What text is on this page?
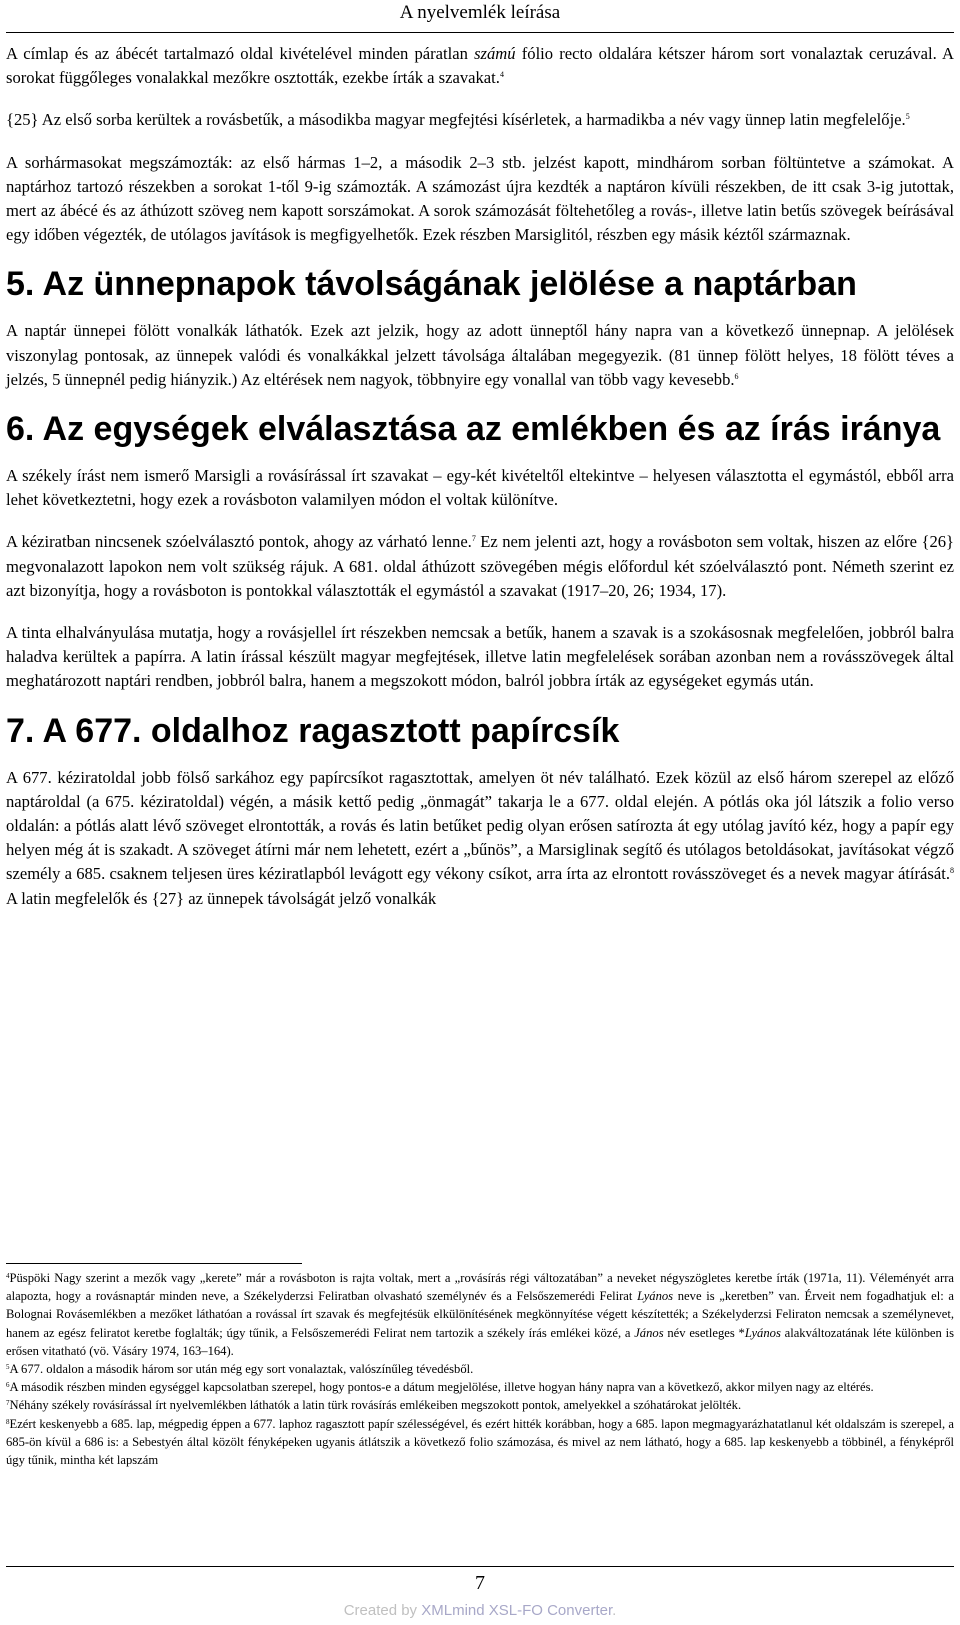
A nyelvemlék leírása

A címlap és az ábécét tartalmazó oldal kivételével minden páratlan számú fólio recto oldalára kétszer három sort vonalaztak ceruzával. A sorokat függőleges vonalakkal mezőkre osztották, ezekbe írták a szavakat.$^4$

{25} Az első sorba kerültek a rovásbetűk, a másodikba magyar megfejtési kísérletek, a harmadikba a név vagy ünnep latin megfelelője.$^5$

A sorhármasokat megszámozták: az első hármas 1–2, a második 2–3 stb. jelzést kapott, mindhárom sorban föltüntetve a számokat. A naptárhoz tartozó részekben a sorokat 1-től 9-ig számozták. A számozást újra kezdték a naptáron kívüli részekben, de itt csak 3-ig jutottak, mert az ábécé és az áthúzott szöveg nem kapott sorszámokat. A sorok számozását föltehetőleg a rovás-, illetve latin betűs szövegek beírásával egy időben végezték, de utólagos javítások is megfigyelhetők. Ezek részben Marsiglitól, részben egy másik kéztől származnak.

5. Az ünnepnapok távolságának jelölése a naptárban

A naptár ünnepei fölött vonalkák láthatók. Ezek azt jelzik, hogy az adott ünneptől hány napra van a következő ünnepnap. A jelölések viszonylag pontosak, az ünnepek valódi és vonalkákkal jelzett távolsága általában megegyezik. (81 ünnep fölött helyes, 18 fölött téves a jelzés, 5 ünnepnél pedig hiányzik.) Az eltérések nem nagyok, többnyire egy vonallal van több vagy kevesebb.$^6$

6. Az egységek elválasztása az emlékben és az írás iránya

A székely írást nem ismerő Marsigli a rovásírással írt szavakat – egy-két kivételtől eltekintve – helyesen választotta el egymástól, ebből arra lehet következtetni, hogy ezek a rovásboton valamilyen módon el voltak különítve.

A kéziratban nincsenek szóelválasztó pontok, ahogy az várható lenne.$^7$ Ez nem jelenti azt, hogy a rovásboton sem voltak, hiszen az előre {26} megvonalazott lapokon nem volt szükség rájuk. A 681. oldal áthúzott szövegében mégis előfordul két szóelválasztó pont. Németh szerint ez azt bizonyítja, hogy a rovásboton is pontokkal választották el egymástól a szavakat (1917–20, 26; 1934, 17).

A tinta elhalványulása mutatja, hogy a rovásjellel írt részekben nemcsak a betűk, hanem a szavak is a szokásosnak megfelelően, jobbról balra haladva kerültek a papírra. A latin írással készült magyar megfejtések, illetve latin megfelelések sorában azonban nem a rovásszövegek által meghatározott naptári rendben, jobbról balra, hanem a megszokott módon, balról jobbra írták az egységeket egymás után.

7. A 677. oldalhoz ragasztott papírcsík

A 677. kéziratoldal jobb fölső sarkához egy papírcsíkot ragasztottak, amelyen öt név található. Ezek közül az első három szerepel az előző naptároldal (a 675. kéziratoldal) végén, a másik kettő pedig „önmagát” takarja le a 677. oldal elején. A pótlás oka jól látszik a folio verso oldalán: a pótlás alatt lévő szöveget elrontották, a rovás és latin betűket pedig olyan erősen satírozta át egy utólag javító kéz, hogy a papír egy helyen még át is szakadt. A szöveget átírni már nem lehetett, ezért a „bűnös”, a Marsiglinak segítő és utólagos betoldásokat, javításokat végző személy a 685. csaknem teljesen üres kéziratlapból levágott egy vékony csíkot, arra írta az elrontott rovásszöveget és a nevek magyar átírását.$^8$ A latin megfelelők és {27} az ünnepek távolságát jelző vonalkák

$^4$Püspöki Nagy szerint a mezők vagy „kerete” már a rovásboton is rajta voltak, mert a „rovásírás régi változatában” a neveket négyszögletes keretbe írták (1971a, 11). Véleményét arra alapozta, hogy a rovásnaptár minden neve, a Székelyderzsi Feliratban olvasható személynév és a Felsőszemerédi Felirat Lyános neve is „keretben” van. Érveit nem fogadhatjuk el: a Bolognai Rovásemlékben a mezőket láthatóan a rovással írt szavak és megfejtésük elkülönítésének megkönnyítése végett készítették; a Székelyderzsi Feliraton nemcsak a személynevet, hanem az egész feliratot keretbe foglalták; úgy tűnik, a Felsőszemerédi Felirat nem tartozik a székely írás emlékei közé, a János név esetleges *Lyános alakváltozatának léte különben is erősen vitatható (vö. Vásáry 1974, 163–164).

$^5$A 677. oldalon a második három sor után még egy sort vonalaztak, valószínűleg tévedésből.

$^6$A második részben minden egységgel kapcsolatban szerepel, hogy pontos-e a dátum megjelölése, illetve hogyan hány napra van a következő, akkor milyen nagy az eltérés.

$^7$Néhány székely rovásírással írt nyelvemlékben láthatók a latin türk rovásírás emlékeiben megszokott pontok, amelyekkel a szóhatárokat jelölték.

$^8$Ezért keskenyebb a 685. lap, mégpedig éppen a 677. laphoz ragasztott papír szélességével, és ezért hitték korábban, hogy a 685. lapon megmagyarázhatatlanul két oldalszám is szerepel, a 685-ön kívül a 686 is: a Sebestyén által közölt fényképeken ugyanis átlátszik a következő folio számozása, és mivel az nem látható, hogy a 685. lap keskenyebb a többinél, a fényképről úgy tűnik, mintha két lapszám

7
Created by XMLmind XSL-FO Converter.
